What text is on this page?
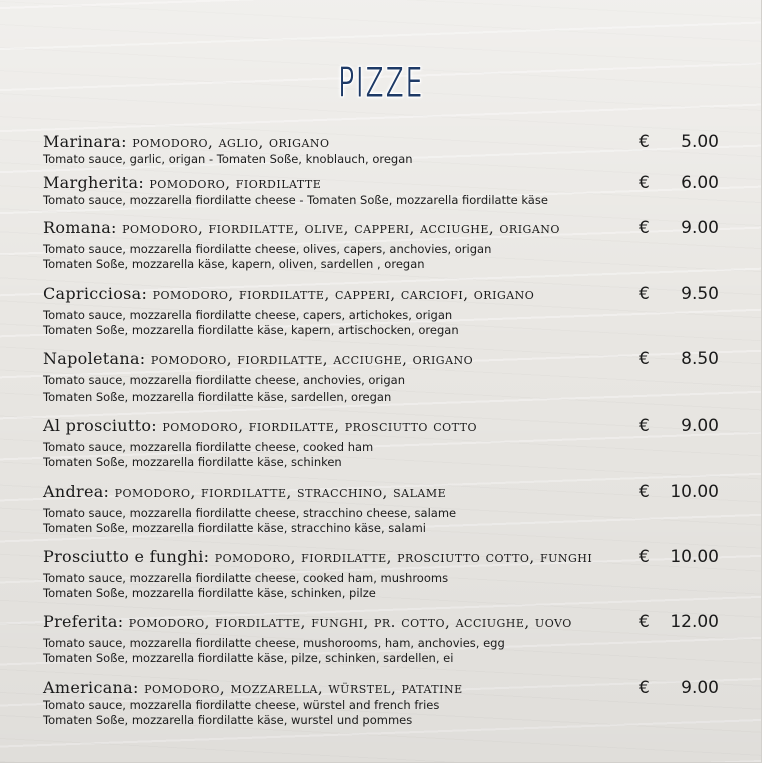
PIZZE
Marinara: pomodoro, aglio, origano
Tomato sauce, garlic, origan - Tomaten Soße, knoblauch, oregan
€ 5.00
Margherita: pomodoro, fiordilatte
Tomato sauce, mozzarella fiordilatte cheese - Tomaten Soße, mozzarella fiordilatte käse
€ 6.00
Romana: pomodoro, fiordilatte, olive, capperi, acciughe, origano
Tomato sauce, mozzarella fiordilatte cheese, olives, capers, anchovies, origan
Tomaten Soße, mozzarella käse, kapern, oliven, sardellen , oregan
€ 9.00
Capricciosa: pomodoro, fiordilatte, capperi, carciofi, origano
Tomato sauce, mozzarella fiordilatte cheese, capers, artichokes, origan
Tomaten Soße, mozzarella fiordilatte käse, kapern, artischocken, oregan
€ 9.50
Napoletana: pomodoro, fiordilatte, acciughe, origano
Tomato sauce, mozzarella fiordilatte cheese, anchovies, origan
Tomaten Soße, mozzarella fiordilatte käse, sardellen, oregan
€ 8.50
Al prosciutto: pomodoro, fiordilatte, prosciutto cotto
Tomato sauce, mozzarella fiordilatte cheese, cooked ham
Tomaten Soße, mozzarella fiordilatte käse, schinken
€ 9.00
Andrea: pomodoro, fiordilatte, stracchino, salame
Tomato sauce, mozzarella fiordilatte cheese, stracchino cheese, salame
Tomaten Soße, mozzarella fiordilatte käse, stracchino käse, salami
€ 10.00
Prosciutto e funghi: pomodoro, fiordilatte, prosciutto cotto, funghi
Tomato sauce, mozzarella fiordilatte cheese, cooked ham, mushrooms
Tomaten Soße, mozzarella fiordilatte käse, schinken, pilze
€ 10.00
Preferita: pomodoro, fiordilatte, funghi, pr. cotto, acciughe, uovo
Tomato sauce, mozzarella fiordilatte cheese, mushorooms, ham, anchovies, egg
Tomaten Soße, mozzarella fiordilatte käse, pilze, schinken, sardellen, ei
€ 12.00
Americana: pomodoro, mozzarella, würstel, patatine
Tomato sauce, mozzarella fiordilatte cheese, würstel and french fries
Tomaten Soße, mozzarella fiordilatte käse, wurstel und pommes
€ 9.00
